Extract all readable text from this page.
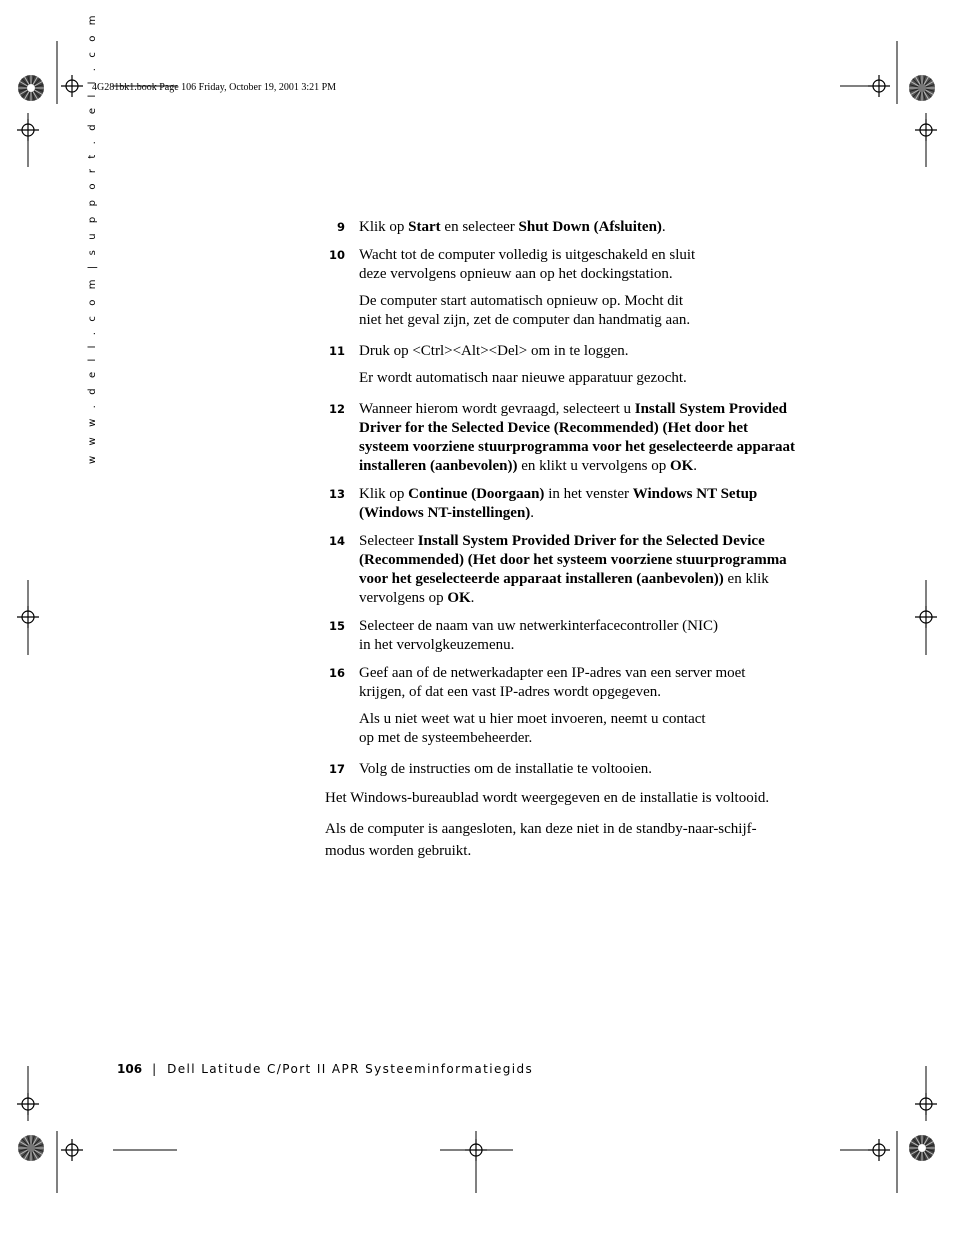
4G281bk1.book Page 106 Friday, October 19, 2001 3:21 PM
w w w . d e l l . c o m | s u p p o r t . d e l l . c o m	9 Klik op Start en selecteer Shut Down (Afsluiten).

10 Wacht tot de computer volledig is uitgeschakeld en sluit
deze vervolgens opnieuw aan op het dockingstation.

De computer start automatisch opnieuw op. Mocht dit
niet het geval zijn, zet de computer dan handmatig aan.

11 Druk op <Ctrl><Alt><Del> om in te loggen.

Er wordt automatisch naar nieuwe apparatuur gezocht.

12 Wanneer hierom wordt gevraagd, selecteert u Install System Provided
Driver for the Selected Device (Recommended) (Het door het
systeem voorziene stuurprogramma voor het geselecteerde apparaat
installeren (aanbevolen)) en klikt u vervolgens op OK.

13 Klik op Continue (Doorgaan) in het venster Windows NT Setup
(Windows NT-instellingen).

14 Selecteer Install System Provided Driver for the Selected Device
(Recommended) (Het door het systeem voorziene stuurprogramma
voor het geselecteerde apparaat installeren (aanbevolen)) en klik
vervolgens op OK.

15 Selecteer de naam van uw netwerkinterfacecontroller (NIC)
in het vervolgkeuzemenu.

16 Geef aan of de netwerkadapter een IP-adres van een server moet
krijgen, of dat een vast IP-adres wordt opgegeven.

Als u niet weet wat u hier moet invoeren, neemt u contact
op met de systeembeheerder.

17 Volg de instructies om de installatie te voltooien.

Het Windows-bureaublad wordt weergegeven en de installatie is voltooid.

Als de computer is aangesloten, kan deze niet in de standby-naar-schijf-
modus worden gebruikt.

106 | Dell Latitude C/Port II APR Systeeminformatiegids
